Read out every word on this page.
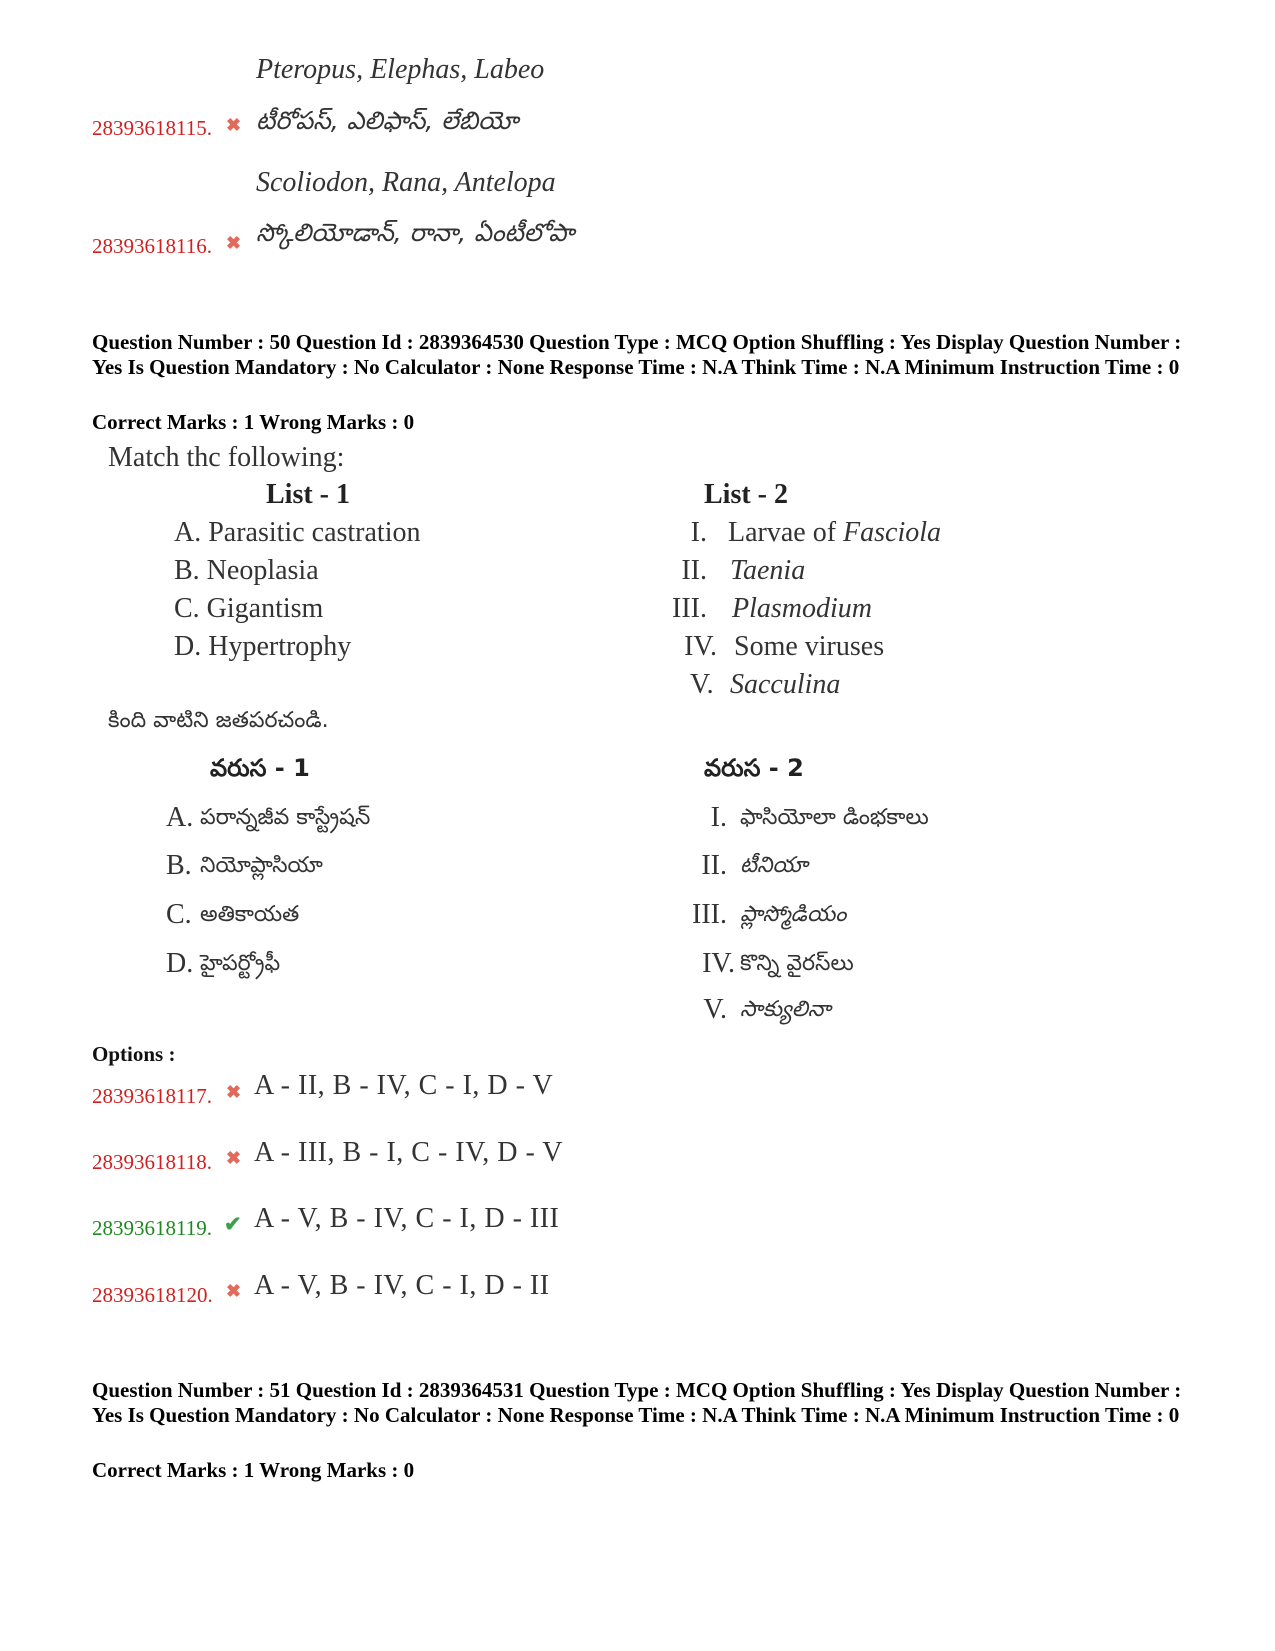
Pteropus, Elephas, Labeo
టీరోపస్, ఎలిఫాస్, లేబియో
28393618115. ✖
Scoliodon, Rana, Antelopa
స్కోలియోడాన్, రానా, ఏంటీలోపా
28393618116. ✖
Question Number : 50 Question Id : 2839364530 Question Type : MCQ Option Shuffling : Yes Display Question Number : Yes Is Question Mandatory : No Calculator : None Response Time : N.A Think Time : N.A Minimum Instruction Time : 0
Correct Marks : 1 Wrong Marks : 0
Match thc following:
List - 1	List - 2
A. Parasitic castration
B. Neoplasia
C. Gigantism
D. Hypertrophy
I. Larvae of Fasciola
II. Taenia
III. Plasmodium
IV. Some viruses
V. Sacculina
కింది వాటిని జతపరచండి.
వరుస - 1	వరుస - 2
A. పరాన్నజీవ కాస్ట్రేషన్
B. నియోప్లాసియా
C. అతికాయత
D. హైపర్ట్రోఫీ
I. ఫాసియోలా డింభకాలు
II. టీనియా
III. ప్లాస్మోడియం
IV. కొన్ని వైరస్‌లు
V. సాక్యులినా
Options :
28393618117. ✖ A - II, B - IV, C - I, D - V
28393618118. ✖ A - III, B - I, C - IV, D - V
28393618119. ✔ A - V, B - IV, C - I, D - III
28393618120. ✖ A - V, B - IV, C - I, D - II
Question Number : 51 Question Id : 2839364531 Question Type : MCQ Option Shuffling : Yes Display Question Number : Yes Is Question Mandatory : No Calculator : None Response Time : N.A Think Time : N.A Minimum Instruction Time : 0
Correct Marks : 1 Wrong Marks : 0
